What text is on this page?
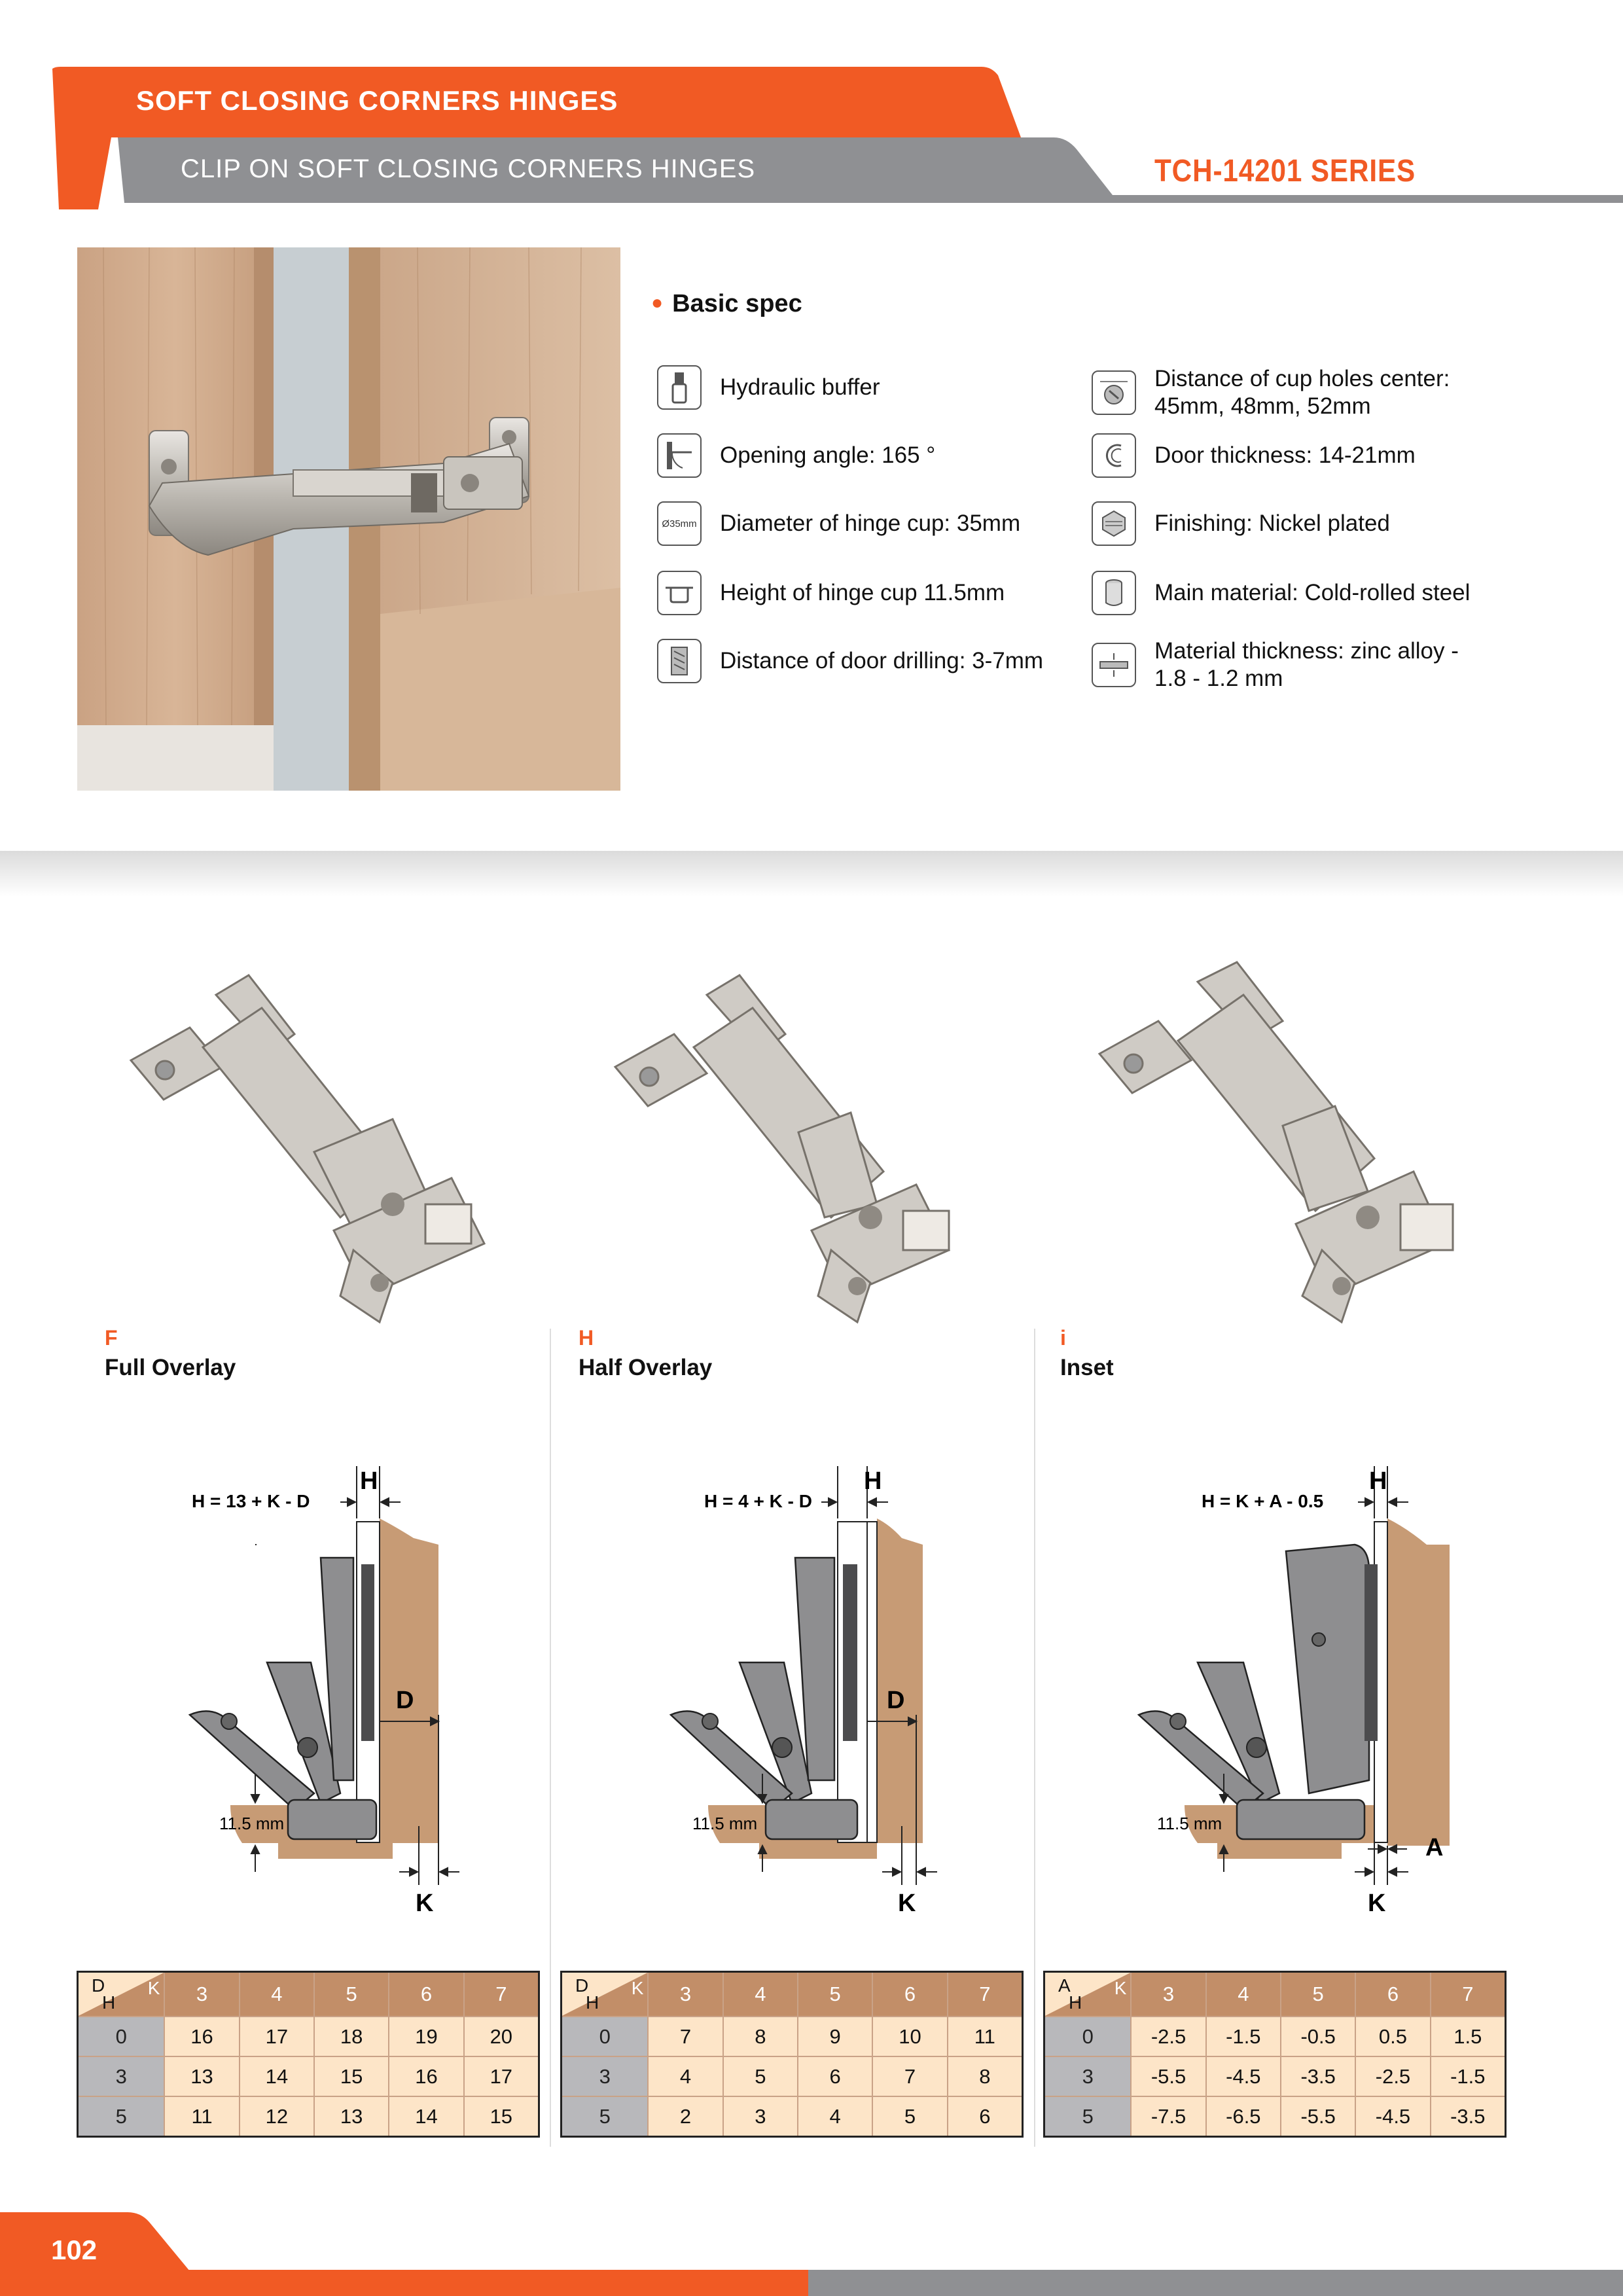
SOFT CLOSING CORNERS HINGES
CLIP ON SOFT CLOSING CORNERS HINGES	TCH-14201 SERIES
● Basic spec
Hydraulic buffer
Opening angle: 165 °
Ø35mm Diameter of hinge cup: 35mm
Height of hinge cup 11.5mm
Distance of door drilling: 3-7mm
Distance of cup holes center:
45mm, 48mm, 52mm
Door thickness: 14-21mm
Finishing: Nickel plated
Main material: Cold-rolled steel
Material thickness: zinc alloy -
1.8 - 1.2 mm
F
Full Overlay
H
Half Overlay
i
Inset
H = 13 + K - D
H
D
K
11.5 mm
H = 4 + K - D
H
D
K
11.5 mm
H = K + A - 0.5
H
A
K
11.5 mm
D
H
K	3	4	5	6	7
0	16	17	18	19	20
3	13	14	15	16	17
5	11	12	13	14	15
D
H
K	3	4	5	6	7
0	7	8	9	10	11
3	4	5	6	7	8
5	2	3	4	5	6
A
H
K	3	4	5	6	7
0	-2.5	-1.5	-0.5	0.5	1.5
3	-5.5	-4.5	-3.5	-2.5	-1.5
5	-7.5	-6.5	-5.5	-4.5	-3.5
102
